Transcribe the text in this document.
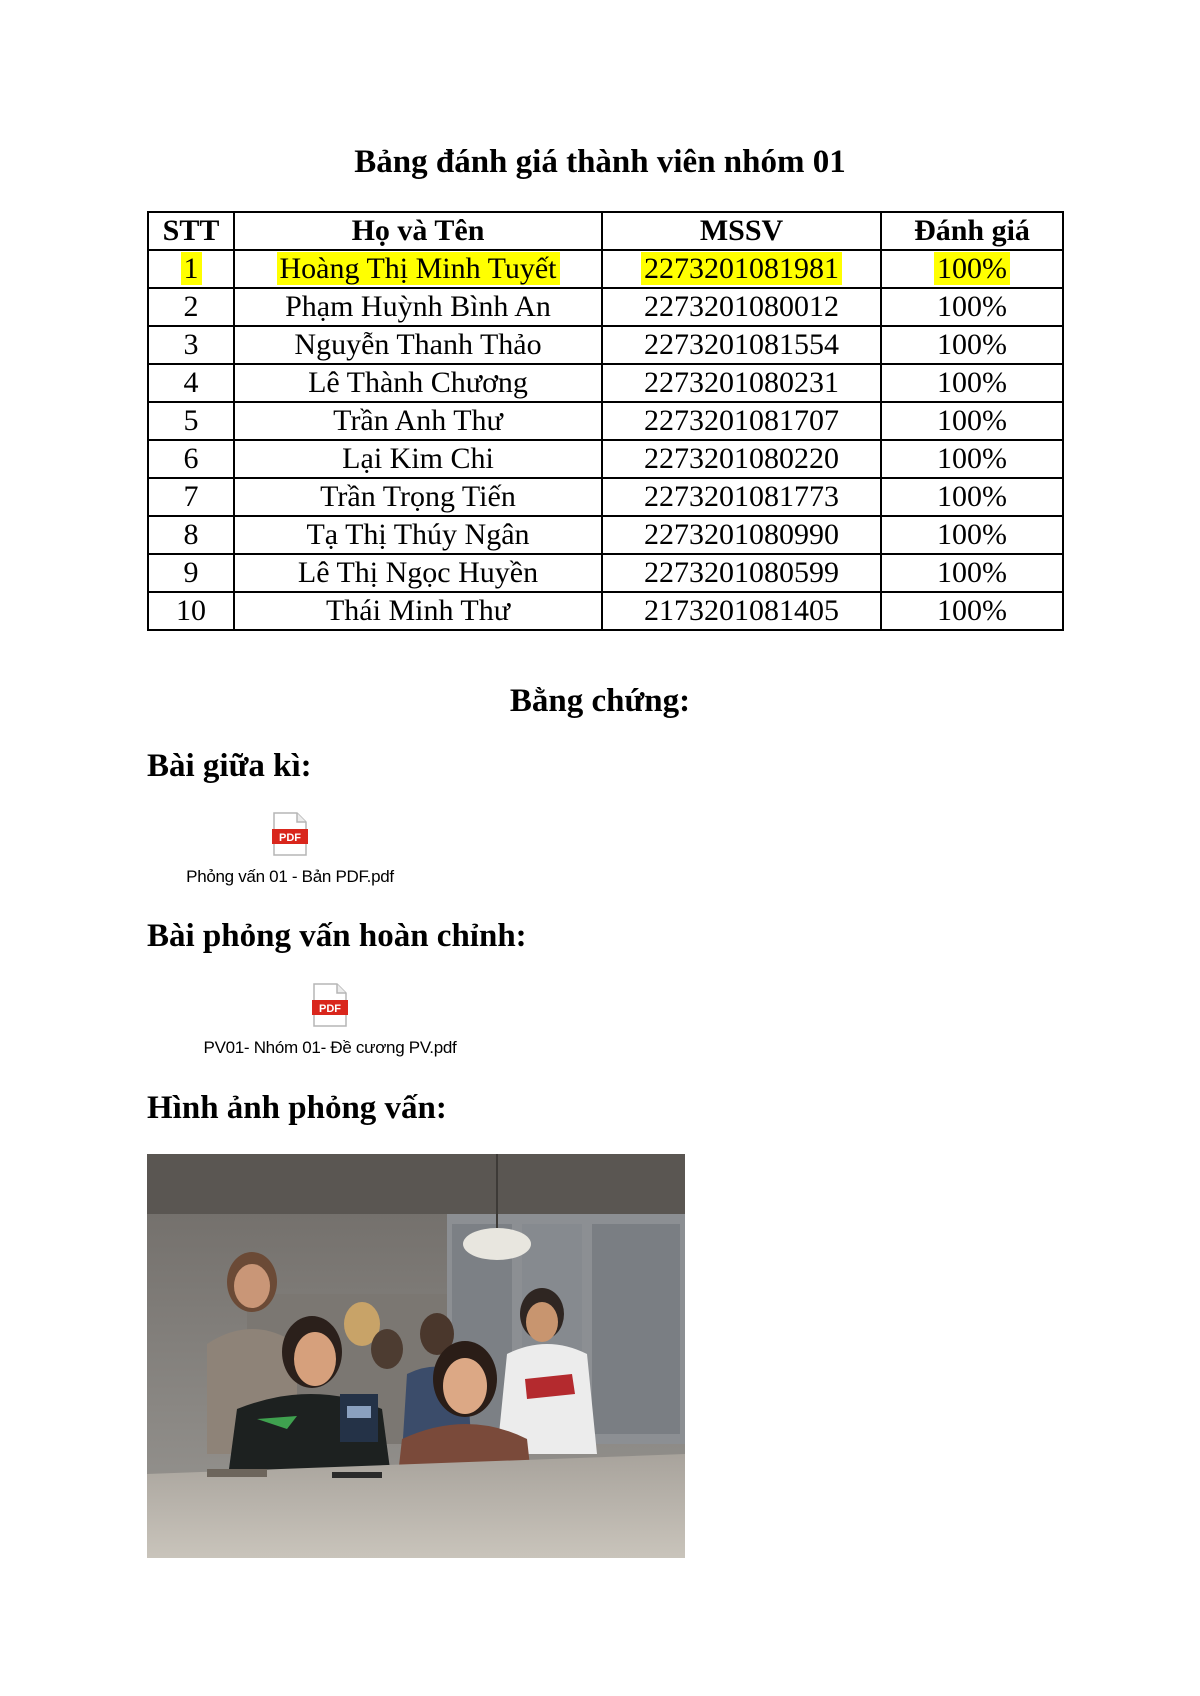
Bảng đánh giá thành viên nhóm 01
STT	Họ và Tên	MSSV	Đánh giá
1	Hoàng Thị Minh Tuyết	2273201081981	100%
2	Phạm Huỳnh Bình An	2273201080012	100%
3	Nguyễn Thanh Thảo	2273201081554	100%
4	Lê Thành Chương	2273201080231	100%
5	Trần Anh Thư	2273201081707	100%
6	Lại Kim Chi	2273201080220	100%
7	Trần Trọng Tiến	2273201081773	100%
8	Tạ Thị Thúy Ngân	2273201080990	100%
9	Lê Thị Ngọc Huyền	2273201080599	100%
10	Thái Minh Thư	2173201081405	100%
Bằng chứng:
Bài giữa kì:
PDF
Phỏng vấn 01 - Bản PDF.pdf
Bài phỏng vấn hoàn chỉnh:
PDF
PV01- Nhóm 01- Đề cương PV.pdf
Hình ảnh phỏng vấn:
